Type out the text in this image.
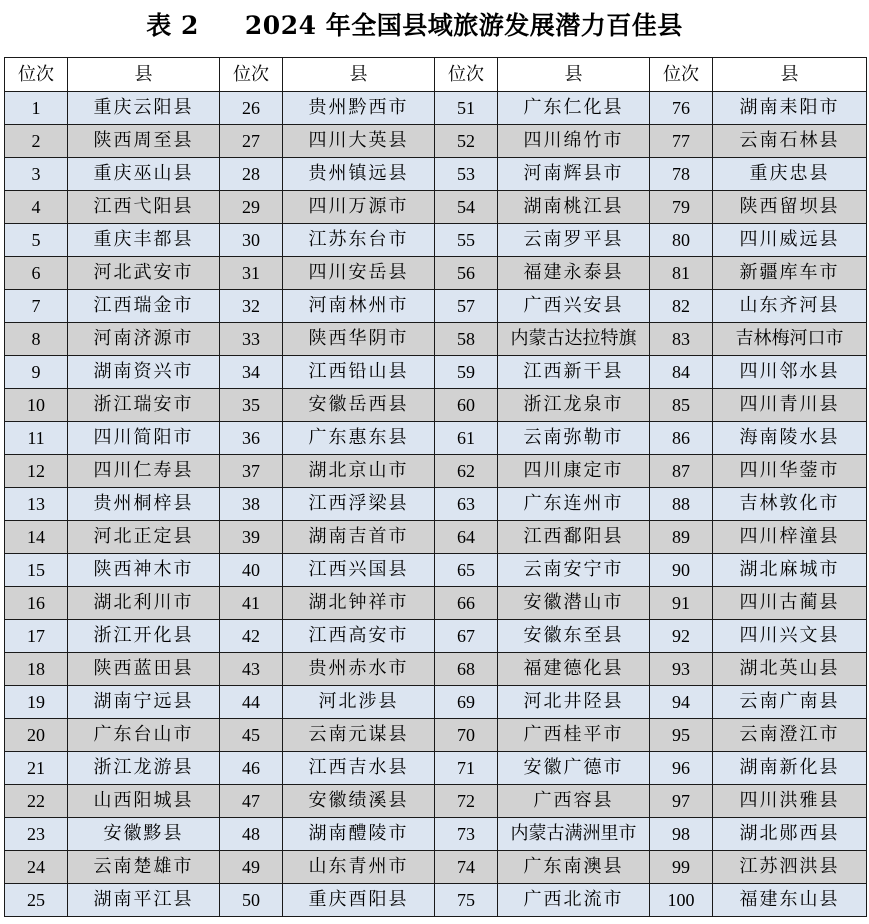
表 2 2024 年全国县域旅游发展潜力百佳县
位次	县	位次	县	位次	县	位次	县
1	重庆云阳县	26	贵州黔西市	51	广东仁化县	76	湖南耒阳市
2	陕西周至县	27	四川大英县	52	四川绵竹市	77	云南石林县
3	重庆巫山县	28	贵州镇远县	53	河南辉县市	78	重庆忠县
4	江西弋阳县	29	四川万源市	54	湖南桃江县	79	陕西留坝县
5	重庆丰都县	30	江苏东台市	55	云南罗平县	80	四川威远县
6	河北武安市	31	四川安岳县	56	福建永泰县	81	新疆库车市
7	江西瑞金市	32	河南林州市	57	广西兴安县	82	山东齐河县
8	河南济源市	33	陕西华阴市	58	内蒙古达拉特旗	83	吉林梅河口市
9	湖南资兴市	34	江西铅山县	59	江西新干县	84	四川邻水县
10	浙江瑞安市	35	安徽岳西县	60	浙江龙泉市	85	四川青川县
11	四川简阳市	36	广东惠东县	61	云南弥勒市	86	海南陵水县
12	四川仁寿县	37	湖北京山市	62	四川康定市	87	四川华蓥市
13	贵州桐梓县	38	江西浮梁县	63	广东连州市	88	吉林敦化市
14	河北正定县	39	湖南吉首市	64	江西鄱阳县	89	四川梓潼县
15	陕西神木市	40	江西兴国县	65	云南安宁市	90	湖北麻城市
16	湖北利川市	41	湖北钟祥市	66	安徽潜山市	91	四川古蔺县
17	浙江开化县	42	江西高安市	67	安徽东至县	92	四川兴文县
18	陕西蓝田县	43	贵州赤水市	68	福建德化县	93	湖北英山县
19	湖南宁远县	44	河北涉县	69	河北井陉县	94	云南广南县
20	广东台山市	45	云南元谋县	70	广西桂平市	95	云南澄江市
21	浙江龙游县	46	江西吉水县	71	安徽广德市	96	湖南新化县
22	山西阳城县	47	安徽绩溪县	72	广西容县	97	四川洪雅县
23	安徽黟县	48	湖南醴陵市	73	内蒙古满洲里市	98	湖北郧西县
24	云南楚雄市	49	山东青州市	74	广东南澳县	99	江苏泗洪县
25	湖南平江县	50	重庆酉阳县	75	广西北流市	100	福建东山县
